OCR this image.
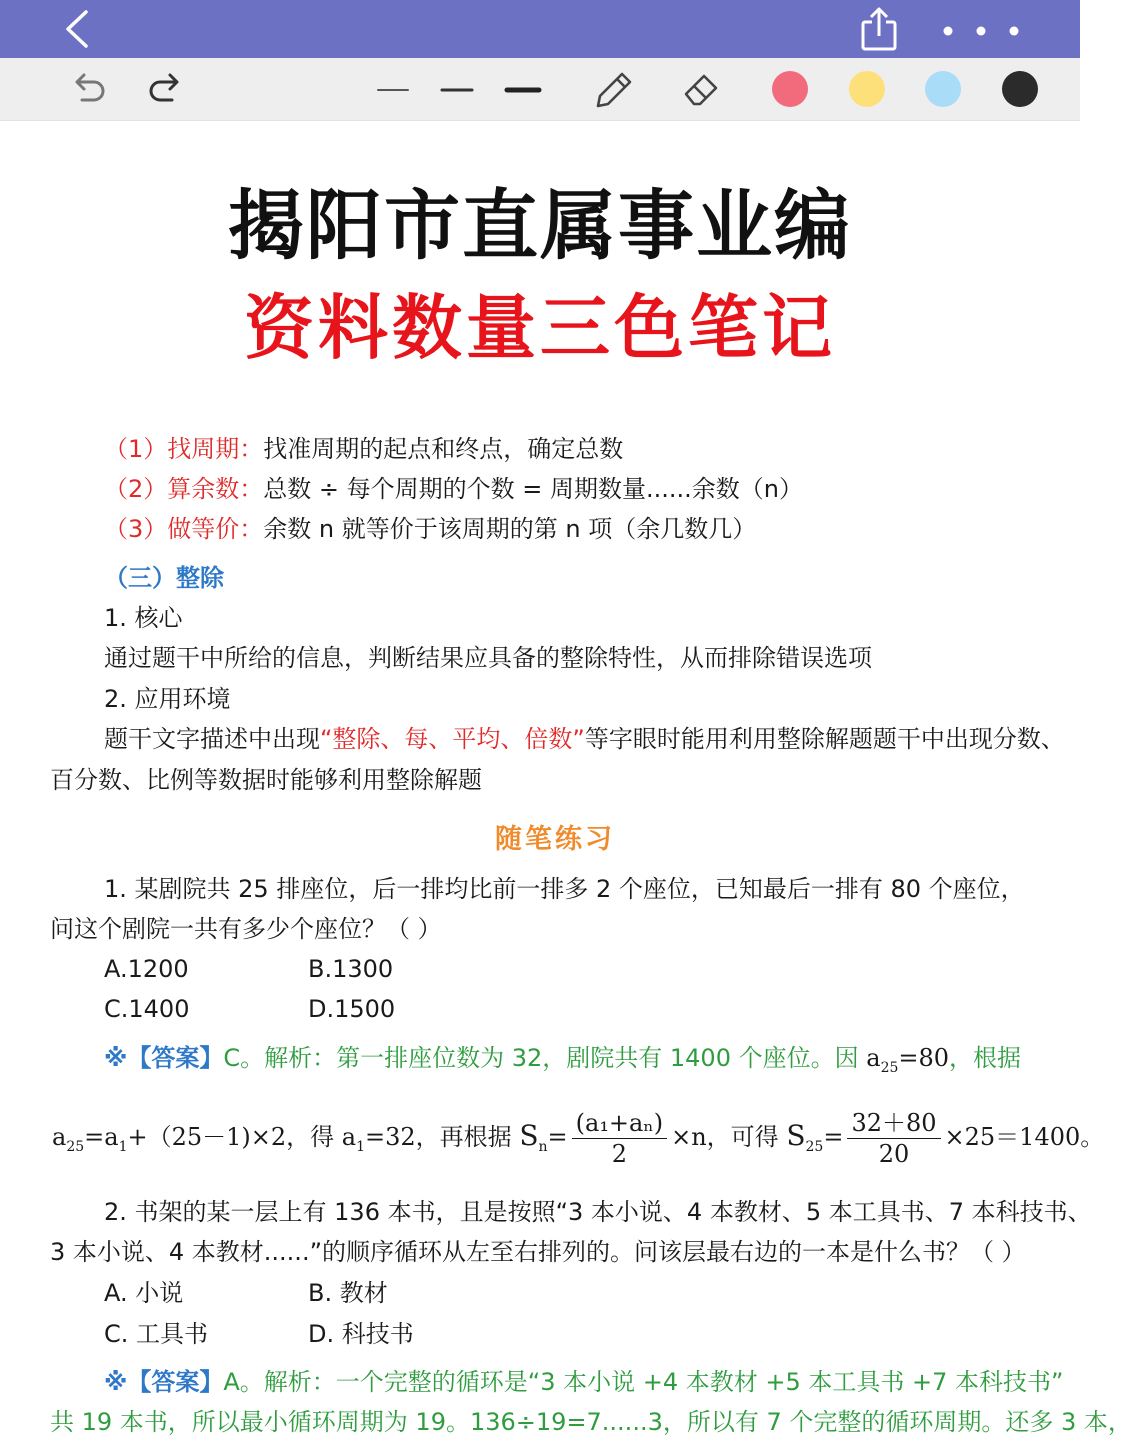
揭阳市直属事业编
资料数量三色笔记
（1）找周期：找准周期的起点和终点，确定总数
（2）算余数：总数 ÷ 每个周期的个数 = 周期数量......余数（n）
（3）做等价：余数 n 就等价于该周期的第 n 项（余几数几）
（三）整除
1. 核心
通过题干中所给的信息，判断结果应具备的整除特性，从而排除错误选项
2. 应用环境
题干文字描述中出现“整除、每、平均、倍数”等字眼时能用利用整除解题题干中出现分数、
百分数、比例等数据时能够利用整除解题
随笔练习
1. 某剧院共 25 排座位，后一排均比前一排多 2 个座位，已知最后一排有 80 个座位，
问这个剧院一共有多少个座位？（ ）
A.1200	B.1300
C.1400	D.1500
※【答案】C。解析：第一排座位数为 32，剧院共有 1400 个座位。因 $a_{25}=80$，根据
$a_{25}=a_1+(25-1)\times 2$，得 $a_1=32$，再根据 $S_n= \frac{\text{(a₁+aₙ)}}{2} \times n$，可得 $S_{25}= \frac{32+80}{20} \times 25=1400$。
2. 书架的某一层上有 136 本书，且是按照“3 本小说、4 本教材、5 本工具书、7 本科技书、
3 本小说、4 本教材......”的顺序循环从左至右排列的。问该层最右边的一本是什么书？（ ）
A. 小说	B. 教材
C. 工具书	D. 科技书
※【答案】A。解析：一个完整的循环是“3 本小说 +4 本教材 +5 本工具书 +7 本科技书”
共 19 本书，所以最小循环周期为 19。136÷19=7......3，所以有 7 个完整的循环周期。还多 3 本，
